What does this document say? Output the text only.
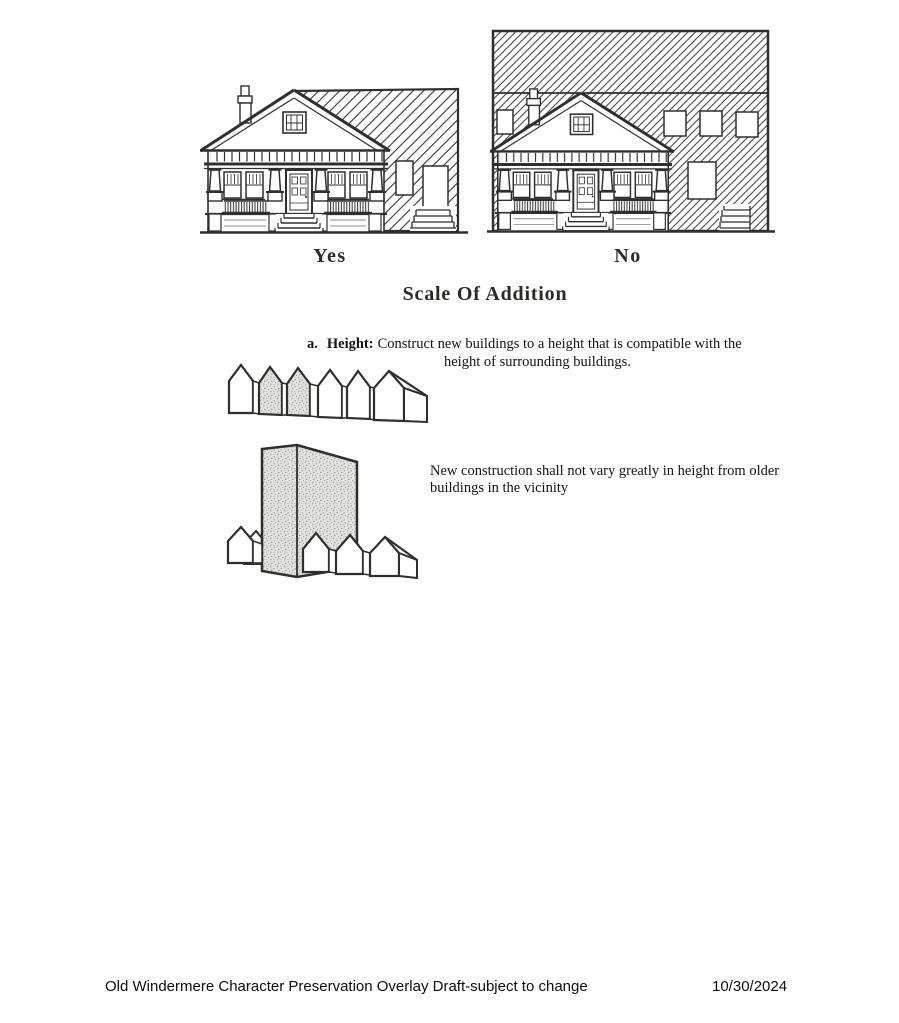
Yes	No
Scale Of Addition
a. Height: Construct new buildings to a height that is compatible with the
height of surrounding buildings.
New construction shall not vary greatly in height from older
buildings in the vicinity
Old Windermere Character Preservation Overlay Draft-subject to change	10/30/2024
